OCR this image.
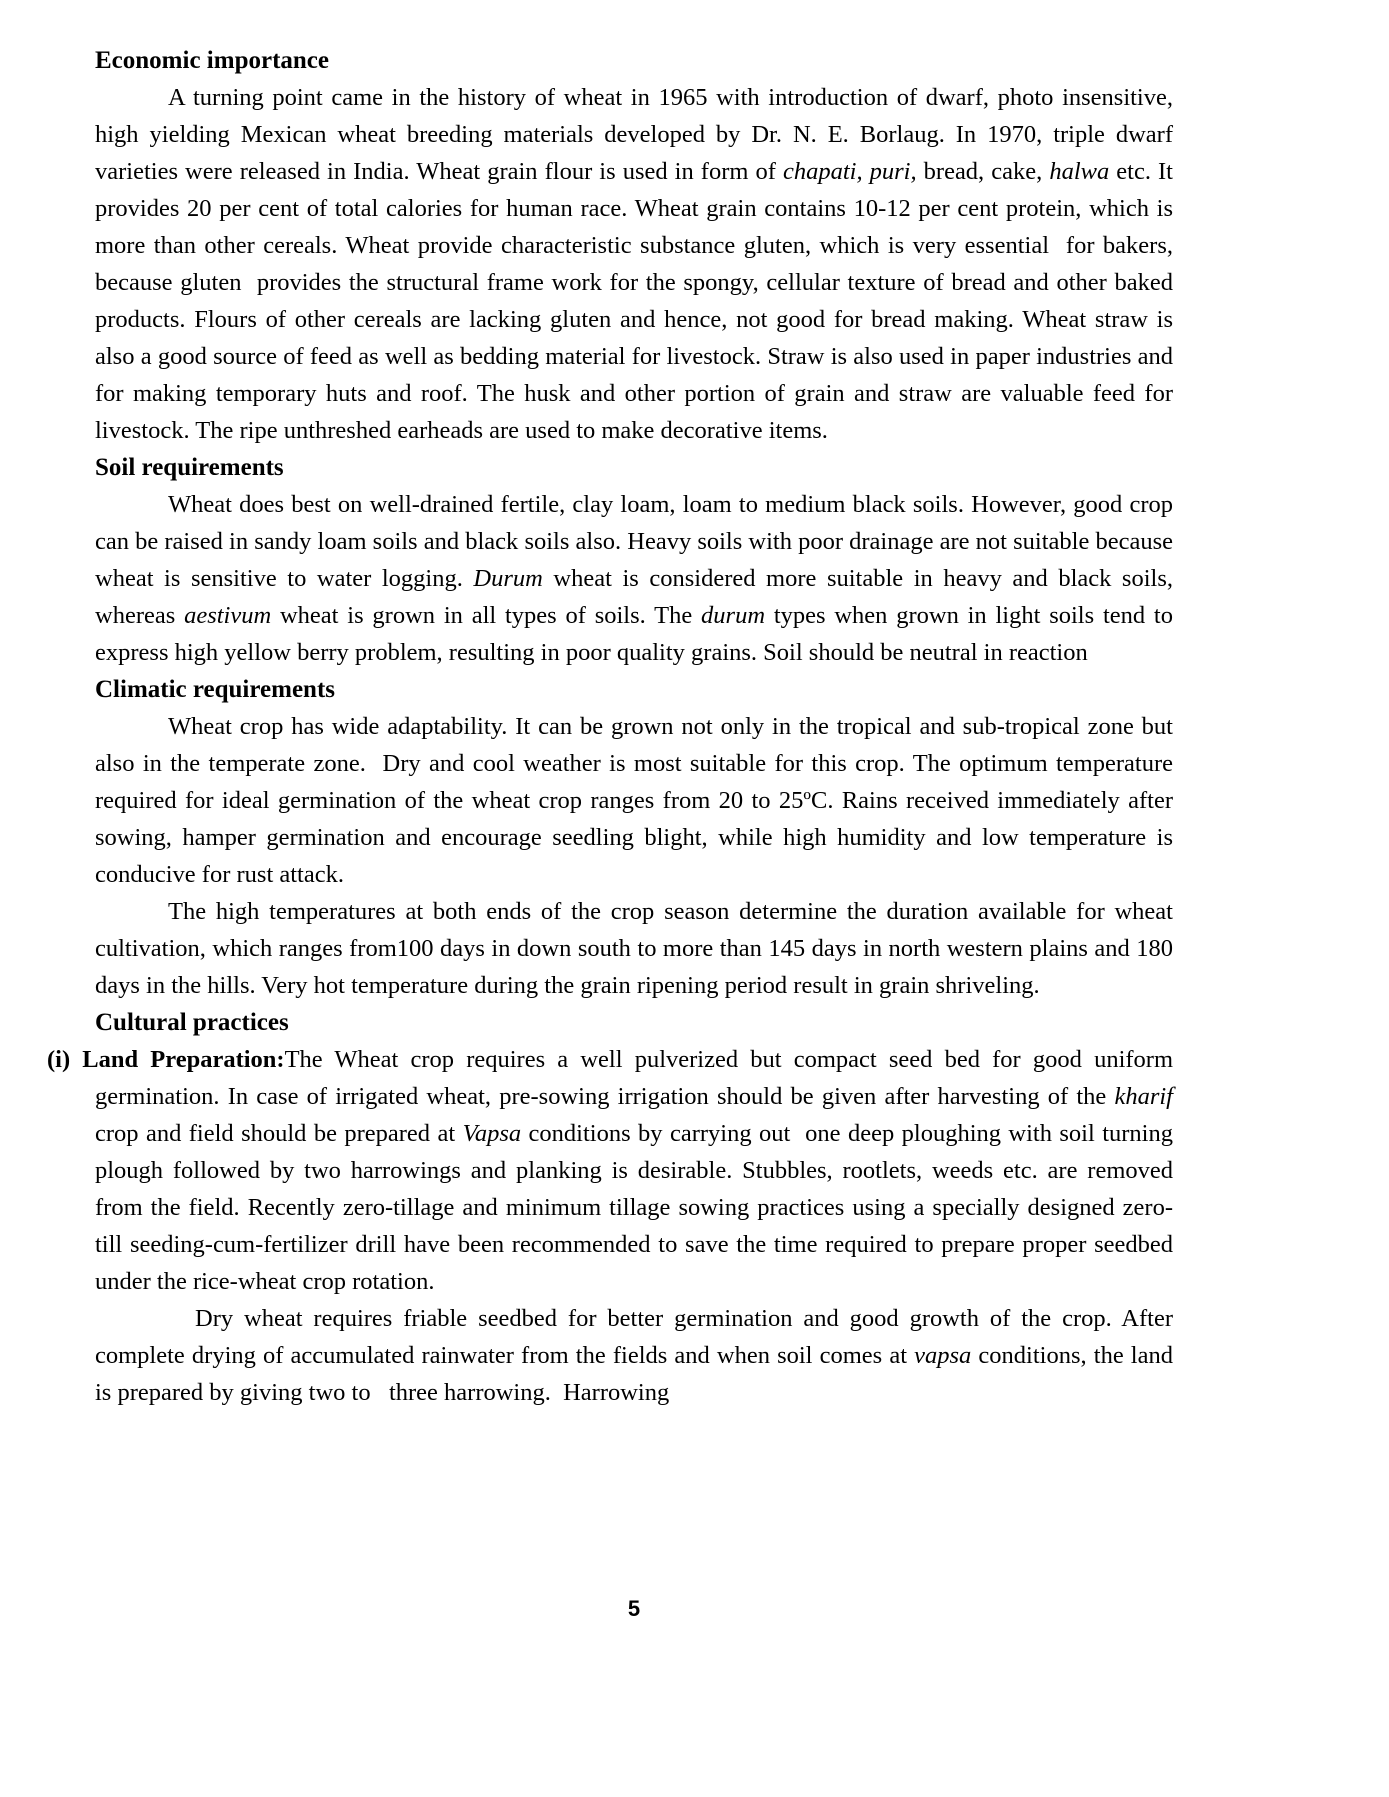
Economic importance

A turning point came in the history of wheat in 1965 with introduction of dwarf, photo insensitive, high yielding Mexican wheat breeding materials developed by Dr. N. E. Borlaug. In 1970, triple dwarf varieties were released in India. Wheat grain flour is used in form of chapati, puri, bread, cake, halwa etc. It provides 20 per cent of total calories for human race. Wheat grain contains 10-12 per cent protein, which is more than other cereals. Wheat provide characteristic substance gluten, which is very essential  for bakers, because gluten  provides the structural frame work for the spongy, cellular texture of bread and other baked products. Flours of other cereals are lacking gluten and hence, not good for bread making. Wheat straw is also a good source of feed as well as bedding material for livestock. Straw is also used in paper industries and for making temporary huts and roof. The husk and other portion of grain and straw are valuable feed for livestock. The ripe unthreshed earheads are used to make decorative items.

Soil requirements

Wheat does best on well-drained fertile, clay loam, loam to medium black soils. However, good crop can be raised in sandy loam soils and black soils also. Heavy soils with poor drainage are not suitable because wheat is sensitive to water logging. Durum wheat is considered more suitable in heavy and black soils, whereas aestivum wheat is grown in all types of soils. The durum types when grown in light soils tend to express high yellow berry problem, resulting in poor quality grains. Soil should be neutral in reaction

Climatic requirements

Wheat crop has wide adaptability. It can be grown not only in the tropical and sub-tropical zone but also in the temperate zone.  Dry and cool weather is most suitable for this crop. The optimum temperature required for ideal germination of the wheat crop ranges from 20 to 25ºC. Rains received immediately after sowing, hamper germination and encourage seedling blight, while high humidity and low temperature is conducive for rust attack.

The high temperatures at both ends of the crop season determine the duration available for wheat cultivation, which ranges from100 days in down south to more than 145 days in north western plains and 180 days in the hills. Very hot temperature during the grain ripening period result in grain shriveling.

Cultural practices

(i) Land Preparation:The Wheat crop requires a well pulverized but compact seed bed for good uniform germination. In case of irrigated wheat, pre-sowing irrigation should be given after harvesting of the kharif crop and field should be prepared at Vapsa conditions by carrying out  one deep ploughing with soil turning plough followed by two harrowings and planking is desirable. Stubbles, rootlets, weeds etc. are removed from the field. Recently zero-tillage and minimum tillage sowing practices using a specially designed zero-till seeding-cum-fertilizer drill have been recommended to save the time required to prepare proper seedbed under the rice-wheat crop rotation.

Dry wheat requires friable seedbed for better germination and good growth of the crop. After complete drying of accumulated rainwater from the fields and when soil comes at vapsa conditions, the land is prepared by giving two to   three harrowing.  Harrowing

5
